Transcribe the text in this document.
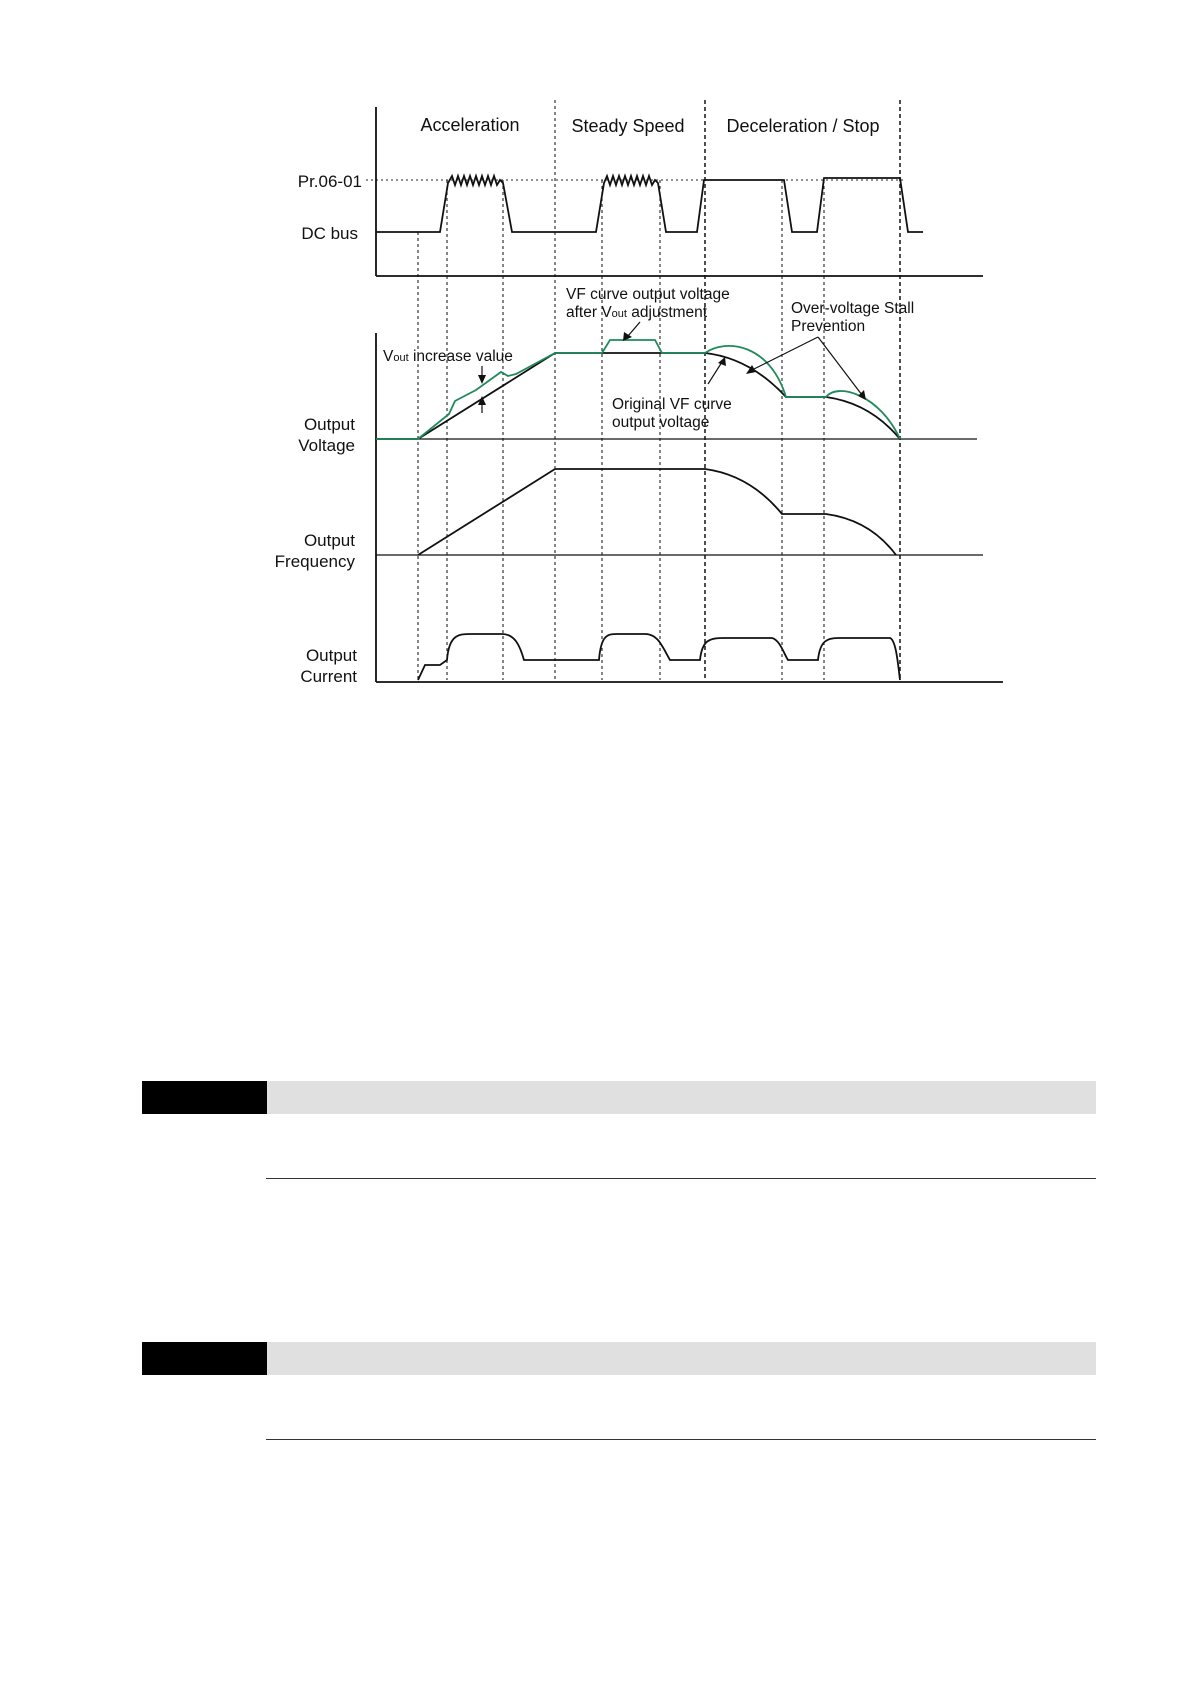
Acceleration	Steady Speed Deceleration / Stop
Pr.06-01
DC bus
Output
Voltage
Output
Frequency
Output
Current
Vout increase value
VF curve output voltage
after Vout adjustment	Over-voltage Stall
Prevention
Original VF curve
output voltage
